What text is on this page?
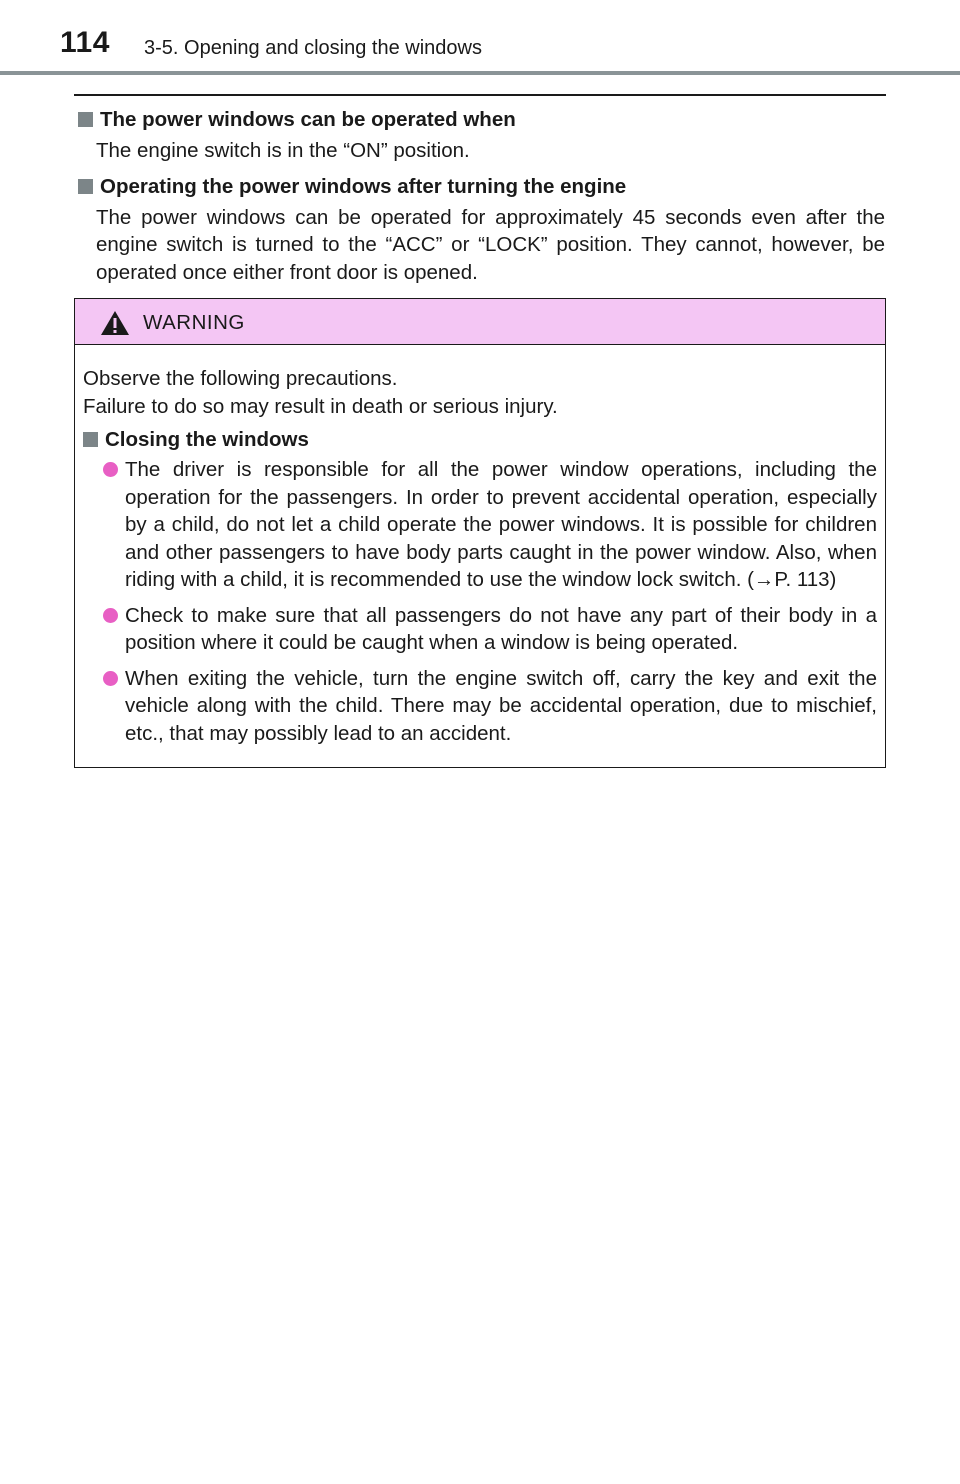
114 3-5. Opening and closing the windows
The power windows can be operated when
The engine switch is in the “ON” position.
Operating the power windows after turning the engine
The power windows can be operated for approximately 45 seconds even after the engine switch is turned to the “ACC” or “LOCK” position. They cannot, however, be operated once either front door is opened.
WARNING
Observe the following precautions.
Failure to do so may result in death or serious injury.
Closing the windows
The driver is responsible for all the power window operations, including the operation for the passengers. In order to prevent accidental operation, especially by a child, do not let a child operate the power windows. It is possible for children and other passengers to have body parts caught in the power window. Also, when riding with a child, it is recommended to use the window lock switch. (→P. 113)
Check to make sure that all passengers do not have any part of their body in a position where it could be caught when a window is being operated.
When exiting the vehicle, turn the engine switch off, carry the key and exit the vehicle along with the child. There may be accidental operation, due to mischief, etc., that may possibly lead to an accident.
